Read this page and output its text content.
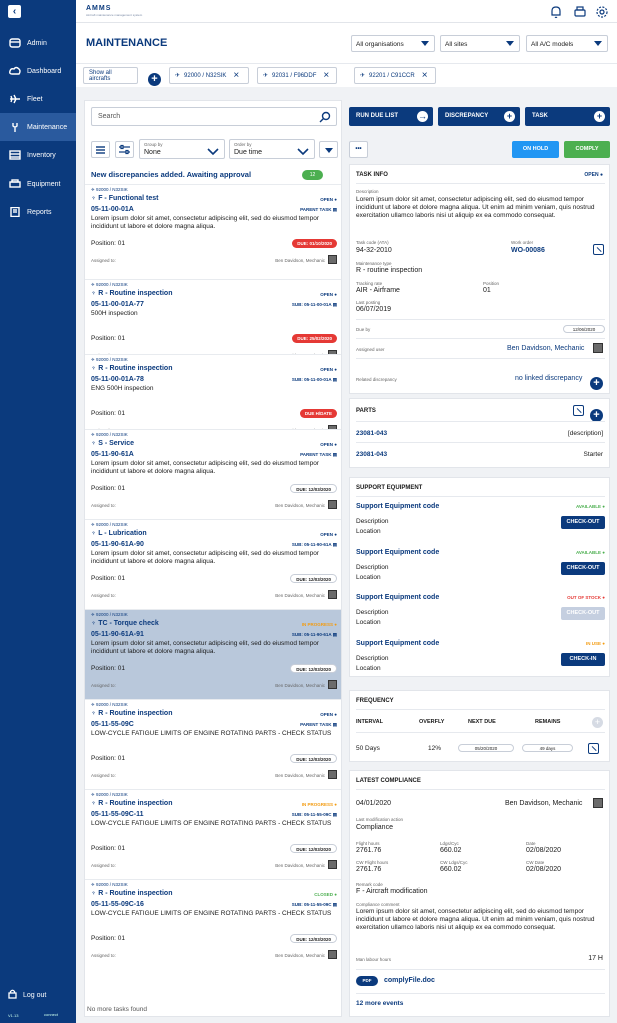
‹
Admin
Dashboard
Fleet
Maintenance
Inventory
Equipment
Reports
Log out
V1.13	connect
AMMS
Aircraft maintenance management system
MAINTENANCE	All organisations	All sites	All A/C models
Show all aircrafts	+	✈ 92000 / N32SIK ×	✈ 92031 / F96DDF ×	✈ 92201 / C91CCR ×
Search
Group by
None
Order by
Due time
New discrepancies added. Awaiting approval	12
✈ 92000 / N32SIK
♆ F - Functional test	OPEN ●
05-11-00-01A	PARENT TASK ▤
Lorem ipsum dolor sit amet, consectetur adipiscing elit, sed do eiusmod tempor incididunt ut labore et dolore magna aliqua.
Position: 01	DUE: 01/10/2020
Assigned to:	Ben Davidson, Mechanic
✈ 92000 / N32SIK
♆ R - Routine inspection	OPEN ●
05-11-00-01A-77	SUB: 05-11-00-01A ▤
500H inspection
Position: 01	DUE: 25/02/2020
✈ 92000 / N32SIK
♆ R - Routine inspection	OPEN ●
05-11-00-01A-78	SUB: 05-11-00-01A ▤
ENG 500H inspection
Position: 01	DUE H/DATE
✈ 92000 / N32SIK
♆ S - Service	OPEN ●
05-11-90-61A	PARENT TASK ▤
Lorem ipsum dolor sit amet, consectetur adipiscing elit, sed do eiusmod tempor incididunt ut labore et dolore magna aliqua.
Position: 01	DUE: 12/03/2020
Assigned to:	Ben Davidson, Mechanic
✈ 92000 / N32SIK
♆ L - Lubrication	OPEN ●
05-11-90-61A-90	SUB: 05-11-90-61A ▤
Lorem ipsum dolor sit amet, consectetur adipiscing elit, sed do eiusmod tempor incididunt ut labore et dolore magna aliqua.
Position: 01	DUE: 12/03/2020
Assigned to:	Ben Davidson, Mechanic
✈ 92000 / N32SIK
♆ TC - Torque check	IN PROGRESS ●
05-11-90-61A-91	SUB: 05-11-90-61A ▤
Lorem ipsum dolor sit amet, consectetur adipiscing elit, sed do eiusmod tempor incididunt ut labore et dolore magna aliqua.
Position: 01	DUE: 12/03/2020
Assigned to:	Ben Davidson, Mechanic
✈ 92000 / N32SIK
♆ R - Routine inspection	OPEN ●
05-11-55-09C	PARENT TASK ▤
LOW-CYCLE FATIGUE LIMITS OF ENGINE ROTATING PARTS - CHECK STATUS
Position: 01	DUE: 12/03/2020
Assigned to:	Ben Davidson, Mechanic
✈ 92000 / N32SIK
♆ R - Routine inspection	IN PROGRESS ●
05-11-55-09C-11	SUB: 05-11-55-09C ▤
LOW-CYCLE FATIGUE LIMITS OF ENGINE ROTATING PARTS - CHECK STATUS
Position: 01	DUE: 12/03/2020
Assigned to:	Ben Davidson, Mechanic
✈ 92000 / N32SIK
♆ R - Routine inspection	CLOSED ●
05-11-55-09C-16	SUB: 05-11-55-09C ▤
LOW-CYCLE FATIGUE LIMITS OF ENGINE ROTATING PARTS - CHECK STATUS
Position: 01	DUE: 12/03/2020
Assigned to:	Ben Davidson, Mechanic
No more tasks found
RUN DUE LIST →	DISCREPANCY	+	TASK	+
•••	ON HOLD	COMPLY
TASK INFO	OPEN ●
Description
Lorem ipsum dolor sit amet, consectetur adipiscing elit, sed do eiusmod tempor incididunt ut labore et dolore magna aliqua. Ut enim ad minim veniam, quis nostrud exercitation ullamco laboris nisi ut aliquip ex ea commodo consequat.
Task code (ATA)
94-32-2010
Work order
WO-00086
Maintenance type
R - routine inspection
Tracking rate
AIR - Airframe
Position
01
Last posting
06/07/2019
Due by	12/06/2020
Assigned user	Ben Davidson, Mechanic
Related discrepancy	no linked discrepancy +
PARTS	+
23081-043	[description]
23081-043	Starter
SUPPORT EQUIPMENT
Support Equipment code	AVAILABLE ●
Description
Location
CHECK-OUT
Support Equipment code	AVAILABLE ●
Description
Location
CHECK-OUT
Support Equipment code	OUT OF STOCK ●
Description
Location
CHECK-OUT
Support Equipment code	IN USE ●
Description
Location
CHECK-IN
FREQUENCY
INTERVAL	OVERFLY	NEXT DUE	REMAINS	+
50 Days	12%	05/20/2020	49 days
LATEST COMPLIANCE
04/01/2020	Ben Davidson, Mechanic
Last modification action
Compliance
Flight hours
2761.76
Ldgs/Cyc
660.02
Date
02/08/2020
CW Flight hours
2761.76
CW Ldgs/Cyc
660.02
CW Date
02/08/2020
Remark code
F - Aircraft modification
Compliance comment
Lorem ipsum dolor sit amet, consectetur adipiscing elit, sed do eiusmod tempor incididunt ut labore et dolore magna aliqua. Ut enim ad minim veniam, quis nostrud exercitation ullamco laboris nisi ut aliquip ex ea commodo consequat.
Man labour hours	17 H
PDF	complyFile.doc
12 more events
